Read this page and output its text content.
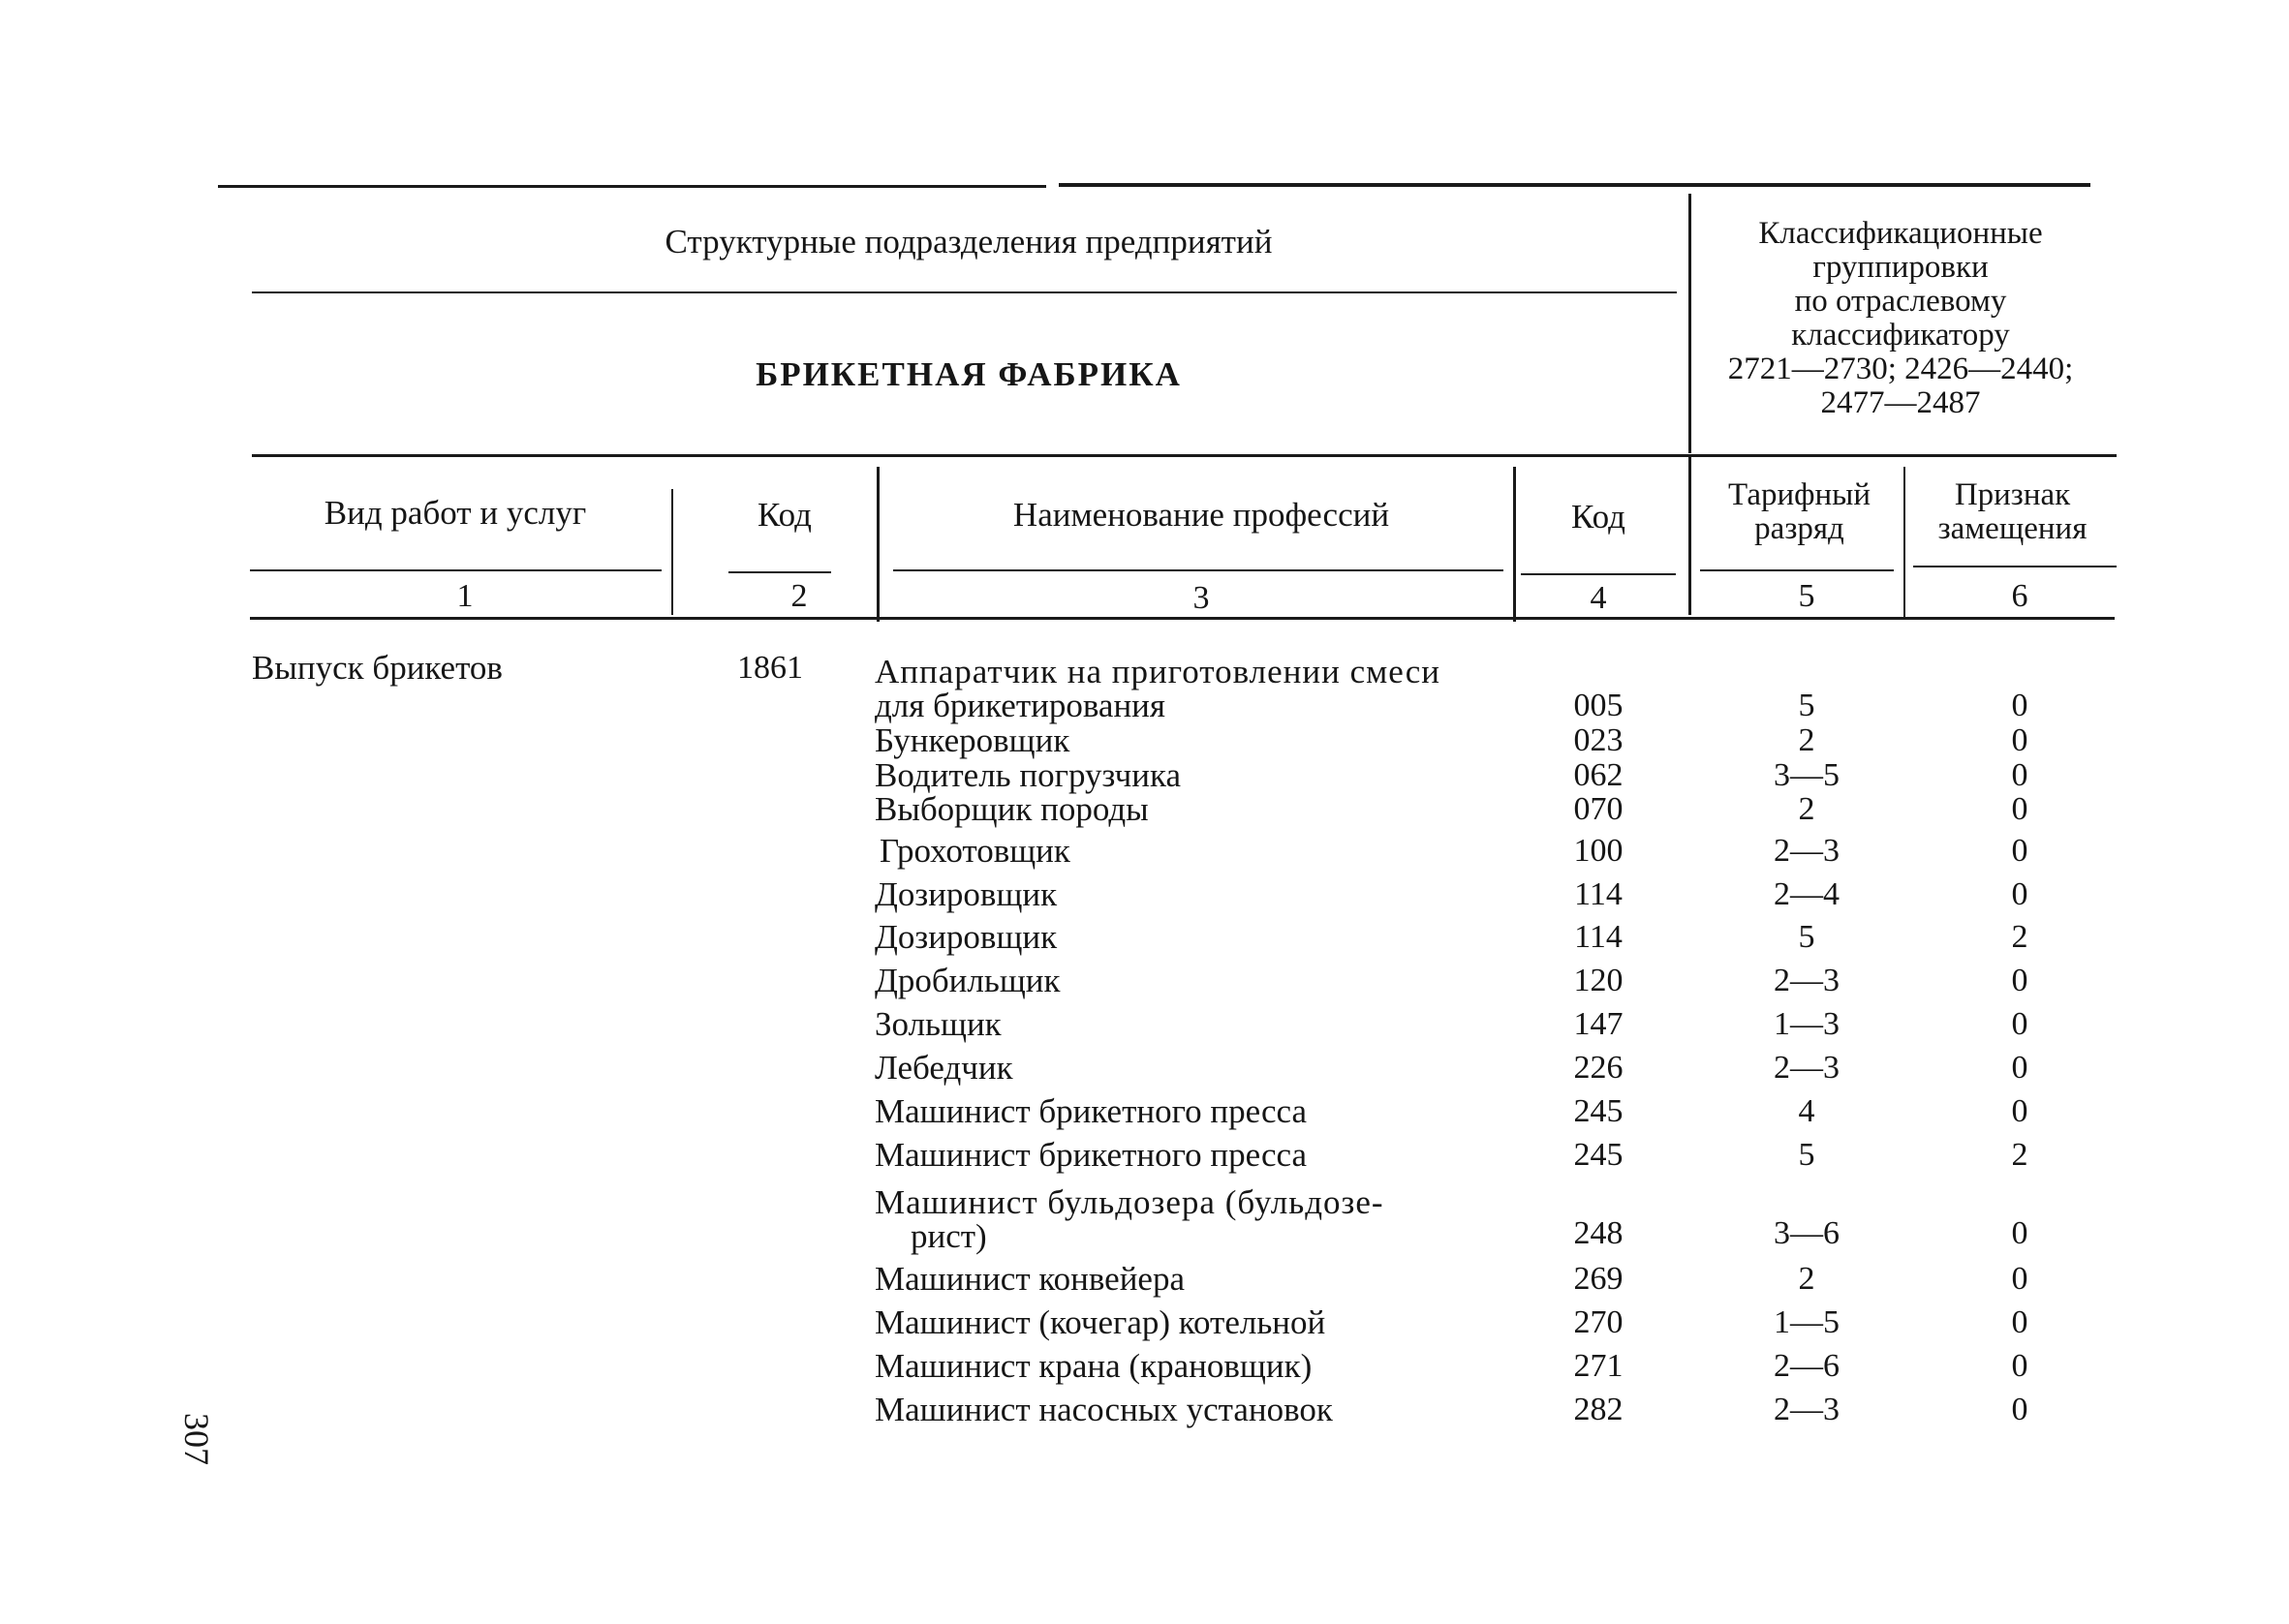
Структурные подразделения предприятий
БРИКЕТНАЯ ФАБРИКА
Классификационные
группировки
по отраслевому
классификатору
2721—2730; 2426—2440;
2477—2487
Вид работ и услуг	Код	Наименование профессий	Код
Тарифный разряд
Признак замещения
1	2	3	4	5	6
Выпуск брикетов	1861	Аппаратчик на приготовлении смеси
для брикетирования	005	5	0
Бункеровщик	023	2	0
Водитель погрузчика	062	3—5	0
Выборщик породы	070	2	0
Грохотовщик	100	2—3	0
Дозировщик	114	2—4	0
Дозировщик	114	5	2
Дробильщик	120	2—3	0
Зольщик	147	1—3	0
Лебедчик	226	2—3	0
Машинист брикетного пресса	245	4	0
Машинист брикетного пресса	245	5	2
Машинист бульдозера (бульдозе-
рист)	248	3—6	0
Машинист конвейера	269	2	0
Машинист (кочегар) котельной	270	1—5	0
Машинист крана (крановщик)	271	2—6	0
Машинист насосных установок	282	2—3	0
307
